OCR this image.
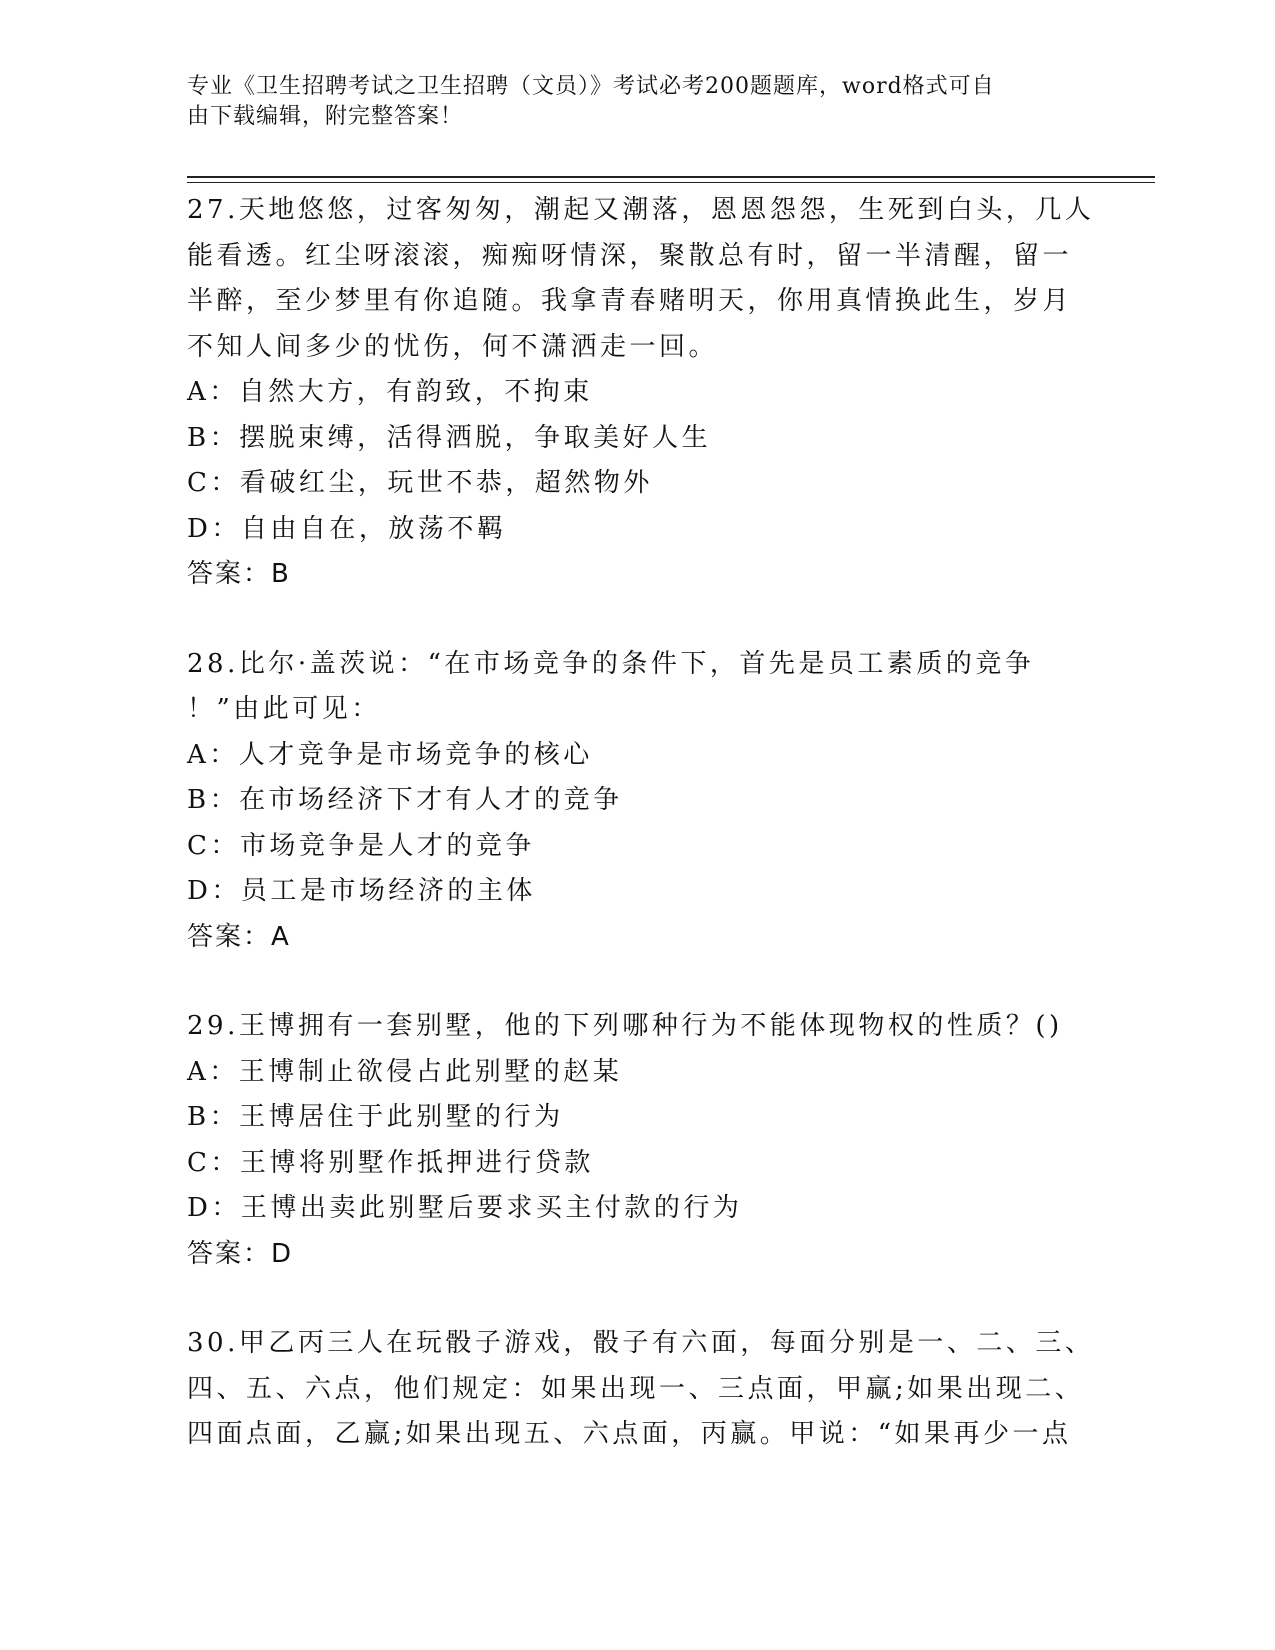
专业《卫生招聘考试之卫生招聘（文员）》考试必考200题题库，word格式可自
由下载编辑，附完整答案！
27.天地悠悠，过客匆匆，潮起又潮落，恩恩怨怨，生死到白头，几人
能看透。红尘呀滚滚，痴痴呀情深，聚散总有时，留一半清醒，留一
半醉，至少梦里有你追随。我拿青春赌明天，你用真情换此生，岁月
不知人间多少的忧伤，何不潇洒走一回。
A：自然大方，有韵致，不拘束
B：摆脱束缚，活得洒脱，争取美好人生
C：看破红尘，玩世不恭，超然物外
D：自由自在，放荡不羁
答案：B
28.比尔·盖茨说：“在市场竞争的条件下，首先是员工素质的竞争
！”由此可见：
A：人才竞争是市场竞争的核心
B：在市场经济下才有人才的竞争
C：市场竞争是人才的竞争
D：员工是市场经济的主体
答案：A
29.王博拥有一套别墅，他的下列哪种行为不能体现物权的性质？()
A：王博制止欲侵占此别墅的赵某
B：王博居住于此别墅的行为
C：王博将别墅作抵押进行贷款
D：王博出卖此别墅后要求买主付款的行为
答案：D
30.甲乙丙三人在玩骰子游戏，骰子有六面，每面分别是一、二、三、
四、五、六点，他们规定：如果出现一、三点面，甲赢;如果出现二、
四面点面，乙赢;如果出现五、六点面，丙赢。甲说：“如果再少一点
